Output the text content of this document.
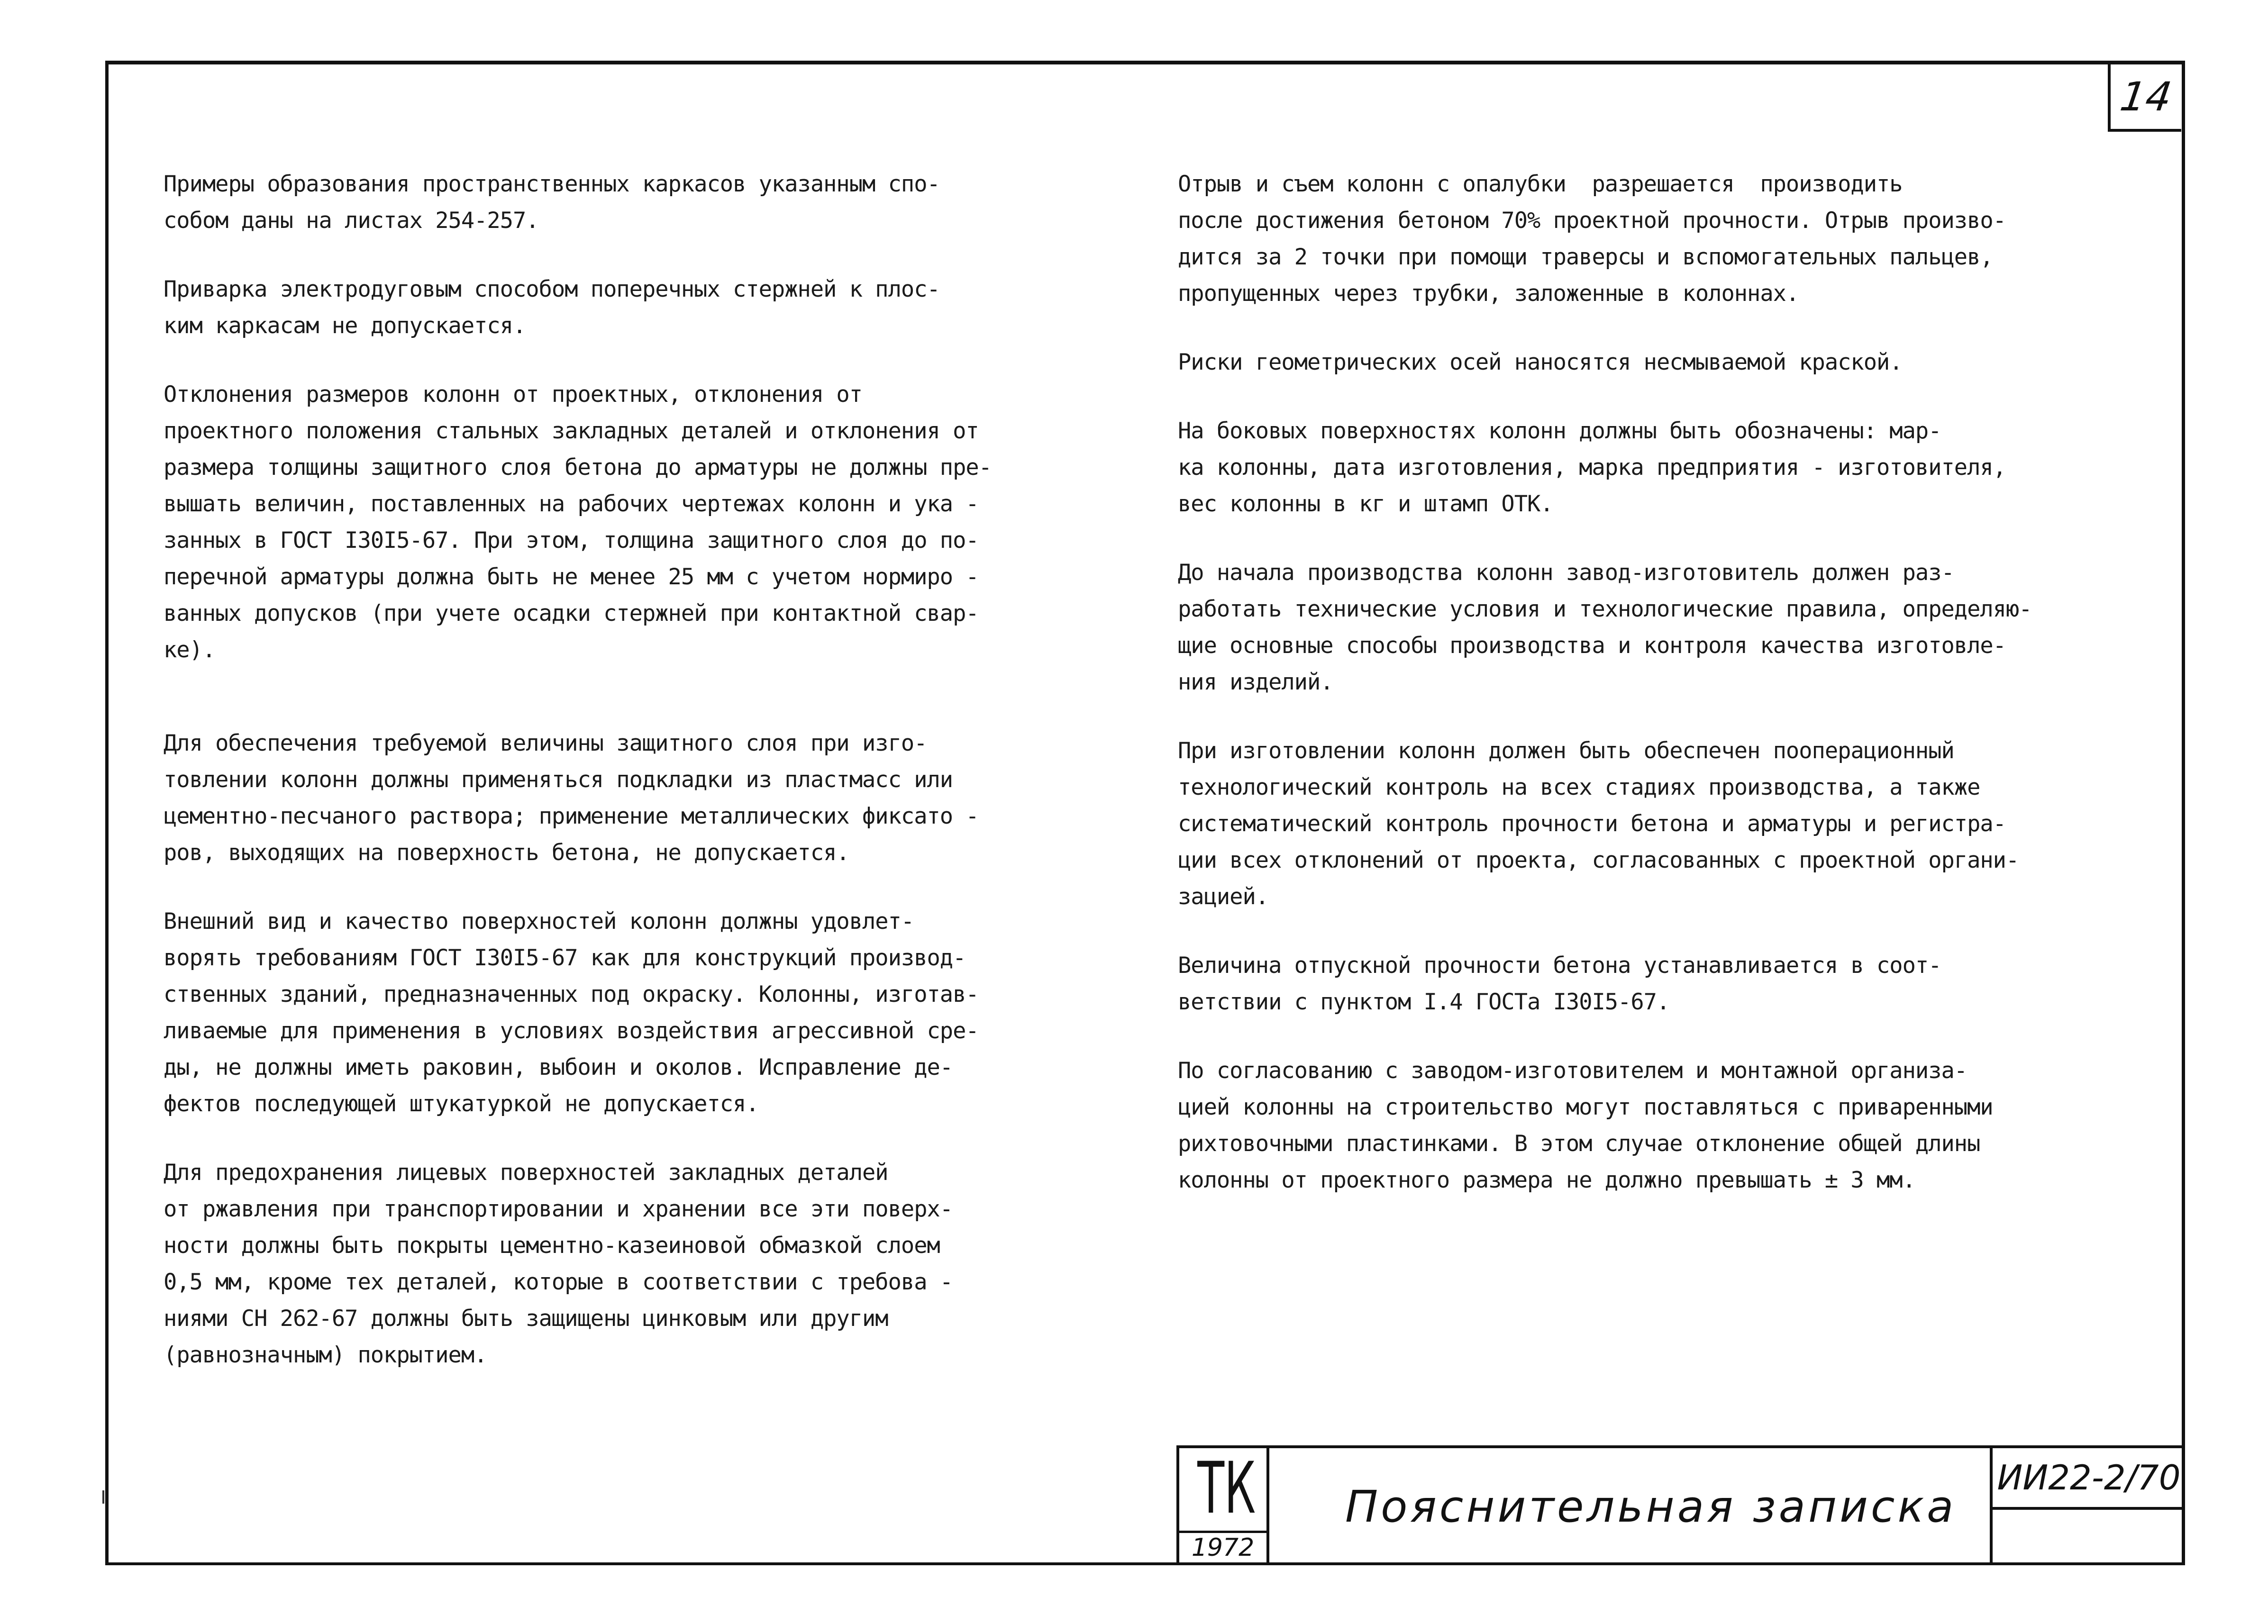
14

Примеры образования пространственных каркасов указанным спо-
собом даны на листах 254-257.

Приварка электродуговым способом поперечных стержней к плос-
ким каркасам не допускается.

Отклонения размеров колонн от проектных, отклонения от
проектного положения стальных закладных деталей и отклонения от
размера толщины защитного слоя бетона до арматуры не должны пре-
вышать величин, поставленных на рабочих чертежах колонн и ука -
занных в ГОСТ I30I5-67. При этом, толщина защитного слоя до по-
перечной арматуры должна быть не менее 25 мм с учетом нормиро -
ванных допусков (при учете осадки стержней при контактной свар-
ке).

Для обеспечения требуемой величины защитного слоя при изго-
товлении колонн должны применяться подкладки из пластмасс или
цементно-песчаного раствора; применение металлических фиксато -
ров, выходящих на поверхность бетона, не допускается.

Внешний вид и качество поверхностей колонн должны удовлет-
ворять требованиям ГОСТ I30I5-67 как для конструкций производ-
ственных зданий, предназначенных под окраску. Колонны, изготав-
ливаемые для применения в условиях воздействия агрессивной сре-
ды, не должны иметь раковин, выбоин и околов. Исправление де-
фектов последующей штукатуркой не допускается.

Для предохранения лицевых поверхностей закладных деталей
от ржавления при транспортировании и хранении все эти поверх-
ности должны быть покрыты цементно-казеиновой обмазкой слоем
0,5 мм, кроме тех деталей, которые в соответствии с требова -
ниями СН 262-67 должны быть защищены цинковым или другим
(равнозначным) покрытием.

Отрыв и съем колонн с опалубки  разрешается  производить
после достижения бетоном 70% проектной прочности. Отрыв произво-
дится за 2 точки при помощи траверсы и вспомогательных пальцев,
пропущенных через трубки, заложенные в колоннах.

Риски геометрических осей наносятся несмываемой краской.

На боковых поверхностях колонн должны быть обозначены: мар-
ка колонны, дата изготовления, марка предприятия - изготовителя,
вес колонны в кг и штамп ОТК.

До начала производства колонн завод-изготовитель должен раз-
работать технические условия и технологические правила, определяю-
щие основные способы производства и контроля качества изготовле-
ния изделий.

При изготовлении колонн должен быть обеспечен пооперационный
технологический контроль на всех стадиях производства, а также
систематический контроль прочности бетона и арматуры и регистра-
ции всех отклонений от проекта, согласованных с проектной органи-
зацией.

Величина отпускной прочности бетона устанавливается в соот-
ветствии с пунктом I.4 ГОСТа I30I5-67.

По согласованию с заводом-изготовителем и монтажной организа-
цией колонны на строительство могут поставляться с приваренными
рихтовочными пластинками. В этом случае отклонение общей длины
колонны от проектного размера не должно превышать ± 3 мм.

ТК
1972
Пояснительная записка
ИИ22-2/70
